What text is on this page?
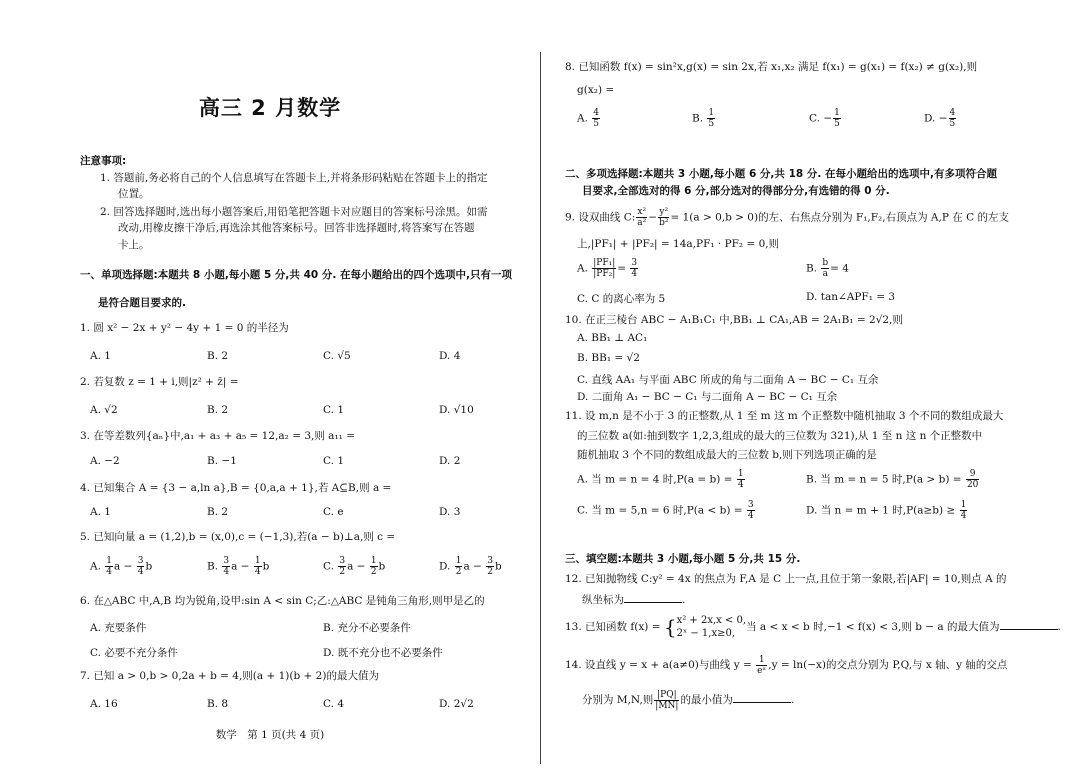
高三 2 月数学
注意事项:
1. 答题前,务必将自己的个人信息填写在答题卡上,并将条形码粘贴在答题卡上的指定
位置。
2. 回答选择题时,选出每小题答案后,用铅笔把答题卡对应题目的答案标号涂黑。如需
改动,用橡皮擦干净后,再选涂其他答案标号。回答非选择题时,将答案写在答题
卡上。
一、单项选择题:本题共 8 小题,每小题 5 分,共 40 分. 在每小题给出的四个选项中,只有一项
是符合题目要求的.
1. 圆 x² − 2x + y² − 4y + 1 = 0 的半径为
A. 1	B. 2	C. √5	D. 4
2. 若复数 z = 1 + i,则|z² + z̄| =
A. √2	B. 2	C. 1	D. √10
3. 在等差数列{aₙ}中,a₁ + a₃ + a₅ = 12,a₂ = 3,则 a₁₁ =
A. −2	B. −1	C. 1	D. 2
4. 已知集合 A = {3 − a,ln a},B = {0,a,a + 1},若 A⊆B,则 a =
A. 1	B. 2	C. e	D. 3
5. 已知向量 a = (1,2),b = (x,0),c = (−1,3),若(a − b)⊥a,则 c =
A. $\frac{1}{4}$ $a - \frac{3}{4}$ b	B. $\frac{3}{4}$ $a - \frac{1}{4}$ b	C. $\frac{3}{2}$ $a - \frac{1}{2}$ b	D. $\frac{1}{2}$ $a - \frac{3}{2}$ b
6. 在△ABC 中,A,B 均为锐角,设甲:sin A < sin C;乙:△ABC 是钝角三角形,则甲是乙的
A. 充要条件	B. 充分不必要条件
C. 必要不充分条件	D. 既不充分也不必要条件
7. 已知 a > 0,b > 0,2a + b = 4,则(a + 1)(b + 2)的最大值为
A. 16	B. 8	C. 4	D. 2√2
数学　第 1 页(共 4 页)
8. 已知函数 f(x) = sin²x,g(x) = sin 2x,若 x₁,x₂ 满足 f(x₁) = g(x₁) = f(x₂) ≠ g(x₂),则
g(x₂) =
A. $\frac{4}{5}$	B. $\frac{1}{5}$	C. − $\frac{1}{5}$	D. − $\frac{4}{5}$
二、多项选择题:本题共 3 小题,每小题 6 分,共 18 分. 在每小题给出的选项中,有多项符合题
目要求,全部选对的得 6 分,部分选对的得部分分,有选错的得 0 分.
9. 设双曲线 C: $\frac{\text{x²}}{\text{a²}} - \frac{\text{y²}}{\text{b²}} = 1(a > 0,b > 0)$的左、右焦点分别为 F₁,F₂,右顶点为 A,P 在 C 的左支
上,|PF₁| + |PF₂| = 14a,PF₁ · PF₂ = 0,则
A. $\frac{\text{|PF₁|}}{\text{|PF₂|}} = \frac{3}{4}$	B. $\frac{b}{a} = 4$
C. C 的离心率为 5	D. tan∠APF₁ = 3
10. 在正三棱台 ABC − A₁B₁C₁ 中,BB₁ ⊥ CA₁,AB = 2A₁B₁ = 2√2,则
A. BB₁ ⊥ AC₁
B. BB₁ = √2
C. 直线 AA₁ 与平面 ABC 所成的角与二面角 A − BC − C₁ 互余
D. 二面角 A₁ − BC − C₁ 与二面角 A − BC − C₁ 互余
11. 设 m,n 是不小于 3 的正整数,从 1 至 m 这 m 个正整数中随机抽取 3 个不同的数组成最大
的三位数 a(如:抽到数字 1,2,3,组成的最大的三位数为 321),从 1 至 n 这 n 个正整数中
随机抽取 3 个不同的数组成最大的三位数 b,则下列选项正确的是
A. 当 m = n = 4 时$,P(a = b) = \frac{1}{4}$	B. 当 m = n = 5 时$,P(a > b) = \frac{9}{20}$
C. 当 m = 5,n = 6 时$,P(a < b) = \frac{3}{4}$	D. 当 n = m + 1 时$,P(a\ge b) \ge \frac{1}{4}$
三、填空题:本题共 3 小题,每小题 5 分,共 15 分.
12. 已知抛物线 C:y² = 4x 的焦点为 F,A 是 C 上一点,且位于第一象限,若|AF| = 10,则点 A 的
纵坐标为	.
13. 已知函数 f(x) = { x² + 2x,x < 0,
2ˣ − 1,x≥0,
当 a < x < b 时,−1 < f(x) < 3,则 b − a 的最大值为	.
14. 设直线 y = x + a(a≠0)与曲线 $y = \frac{1}{\text{eˣ}} ,y = \ln(-x)$的交点分别为 P,Q,与 x 轴、y 轴的交点
分别为 M,N,则 $\frac{|PQ|}{|MN|}$ 的最小值为	.
